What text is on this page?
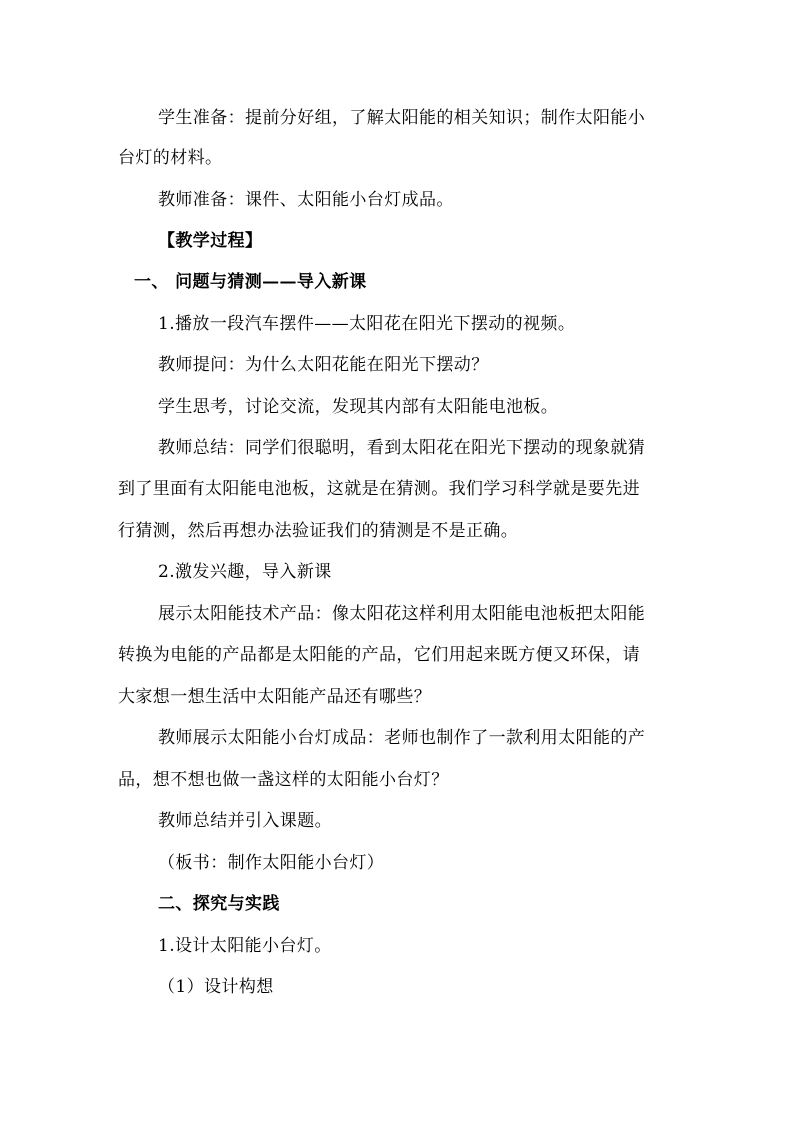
学生准备：提前分好组，了解太阳能的相关知识；制作太阳能小
台灯的材料。
教师准备：课件、太阳能小台灯成品。
【教学过程】
一、 问题与猜测——导入新课
1.播放一段汽车摆件——太阳花在阳光下摆动的视频。
教师提问：为什么太阳花能在阳光下摆动？
学生思考，讨论交流，发现其内部有太阳能电池板。
教师总结：同学们很聪明，看到太阳花在阳光下摆动的现象就猜
到了里面有太阳能电池板，这就是在猜测。我们学习科学就是要先进
行猜测，然后再想办法验证我们的猜测是不是正确。
2.激发兴趣，导入新课
展示太阳能技术产品：像太阳花这样利用太阳能电池板把太阳能
转换为电能的产品都是太阳能的产品，它们用起来既方便又环保，请
大家想一想生活中太阳能产品还有哪些？
教师展示太阳能小台灯成品：老师也制作了一款利用太阳能的产
品，想不想也做一盏这样的太阳能小台灯？
教师总结并引入课题。
（板书：制作太阳能小台灯）
二、探究与实践
1.设计太阳能小台灯。
（1）设计构想
